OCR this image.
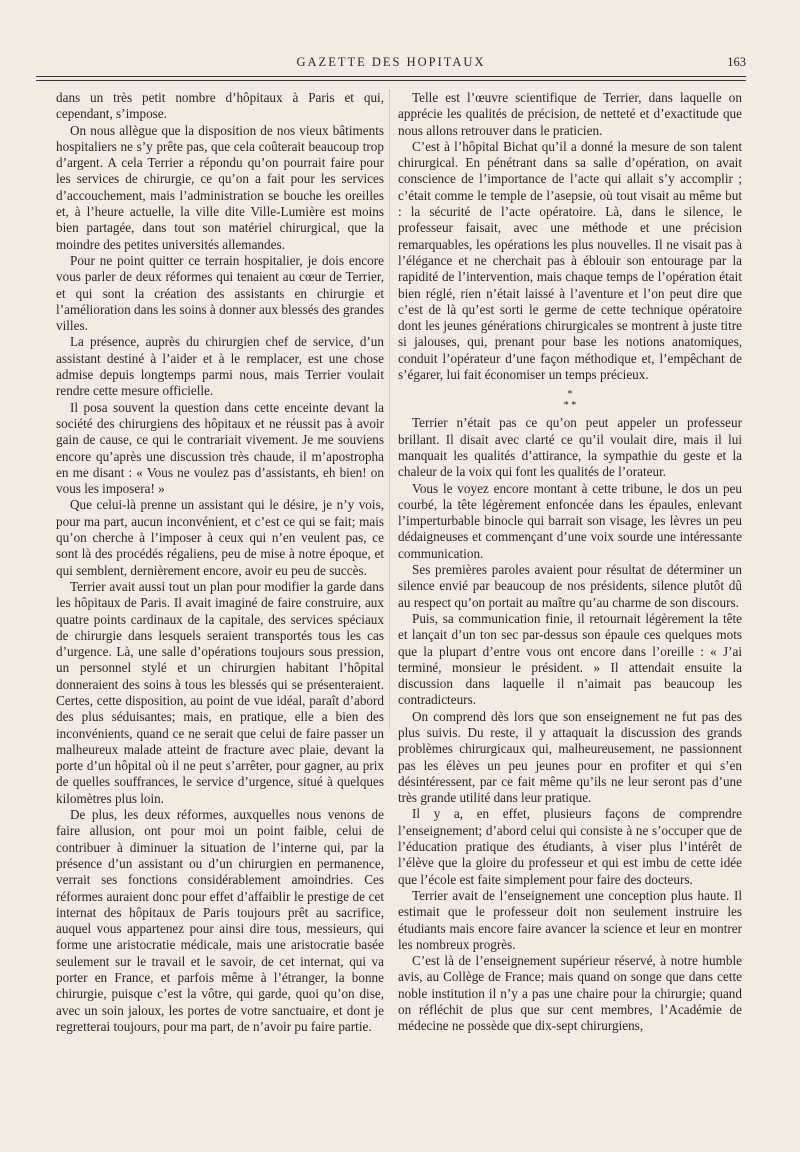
GAZETTE DES HOPITAUX	163

dans un très petit nombre d’hôpitaux à Paris et qui, cependant, s’impose.

On nous allègue que la disposition de nos vieux bâtiments hospitaliers ne s’y prête pas, que cela coûterait beaucoup trop d’argent. A cela Terrier a répondu qu’on pourrait faire pour les services de chirurgie, ce qu’on a fait pour les services d’accouchement, mais l’administration se bouche les oreilles et, à l’heure actuelle, la ville dite Ville-Lumière est moins bien partagée, dans tout son matériel chirurgical, que la moindre des petites universités allemandes.

Pour ne point quitter ce terrain hospitalier, je dois encore vous parler de deux réformes qui tenaient au cœur de Terrier, et qui sont la création des assistants en chirurgie et l’amélioration dans les soins à donner aux blessés des grandes villes.

La présence, auprès du chirurgien chef de service, d’un assistant destiné à l’aider et à le remplacer, est une chose admise depuis longtemps parmi nous, mais Terrier voulait rendre cette mesure officielle.

Il posa souvent la question dans cette enceinte devant la société des chirurgiens des hôpitaux et ne réussit pas à avoir gain de cause, ce qui le contrariait vivement. Je me souviens encore qu’après une discussion très chaude, il m’apostropha en me disant : « Vous ne voulez pas d’assistants, eh bien! on vous les imposera! »

Que celui-là prenne un assistant qui le désire, je n’y vois, pour ma part, aucun inconvénient, et c’est ce qui se fait; mais qu’on cherche à l’imposer à ceux qui n’en veulent pas, ce sont là des procédés régaliens, peu de mise à notre époque, et qui semblent, dernièrement encore, avoir eu peu de succès.

Terrier avait aussi tout un plan pour modifier la garde dans les hôpitaux de Paris. Il avait imaginé de faire construire, aux quatre points cardinaux de la capitale, des services spéciaux de chirurgie dans lesquels seraient transportés tous les cas d’urgence. Là, une salle d’opérations toujours sous pression, un personnel stylé et un chirurgien habitant l’hôpital donneraient des soins à tous les blessés qui se présenteraient. Certes, cette disposition, au point de vue idéal, paraît d’abord des plus séduisantes; mais, en pratique, elle a bien des inconvénients, quand ce ne serait que celui de faire passer un malheureux malade atteint de fracture avec plaie, devant la porte d’un hôpital où il ne peut s’arrêter, pour gagner, au prix de quelles souffrances, le service d’urgence, situé à quelques kilomètres plus loin.

De plus, les deux réformes, auxquelles nous venons de faire allusion, ont pour moi un point faible, celui de contribuer à diminuer la situation de l’interne qui, par la présence d’un assistant ou d’un chirurgien en permanence, verrait ses fonctions considérablement amoindries. Ces réformes auraient donc pour effet d’affaiblir le prestige de cet internat des hôpitaux de Paris toujours prêt au sacrifice, auquel vous appartenez pour ainsi dire tous, messieurs, qui forme une aristocratie médicale, mais une aristocratie basée seulement sur le travail et le savoir, de cet internat, qui va porter en France, et parfois même à l’étranger, la bonne chirurgie, puisque c’est la vôtre, qui garde, quoi qu’on dise, avec un soin jaloux, les portes de votre sanctuaire, et dont je regretterai toujours, pour ma part, de n’avoir pu faire partie.

Telle est l’œuvre scientifique de Terrier, dans laquelle on apprécie les qualités de précision, de netteté et d’exactitude que nous allons retrouver dans le praticien.

C’est à l’hôpital Bichat qu’il a donné la mesure de son talent chirurgical. En pénétrant dans sa salle d’opération, on avait conscience de l’importance de l’acte qui allait s’y accomplir ; c’était comme le temple de l’asepsie, où tout visait au même but : la sécurité de l’acte opératoire. Là, dans le silence, le professeur faisait, avec une méthode et une précision remarquables, les opérations les plus nouvelles. Il ne visait pas à l’élégance et ne cherchait pas à éblouir son entourage par la rapidité de l’intervention, mais chaque temps de l’opération était bien réglé, rien n’était laissé à l’aventure et l’on peut dire que c’est de là qu’est sorti le germe de cette technique opératoire dont les jeunes générations chirurgicales se montrent à juste titre si jalouses, qui, prenant pour base les notions anatomiques, conduit l’opérateur d’une façon méthodique et, l’empêchant de s’égarer, lui fait économiser un temps précieux.

*
* *

Terrier n’était pas ce qu’on peut appeler un professeur brillant. Il disait avec clarté ce qu’il voulait dire, mais il lui manquait les qualités d’attirance, la sympathie du geste et la chaleur de la voix qui font les qualités de l’orateur.

Vous le voyez encore montant à cette tribune, le dos un peu courbé, la tête légèrement enfoncée dans les épaules, enlevant l’imperturbable binocle qui barrait son visage, les lèvres un peu dédaigneuses et commençant d’une voix sourde une intéressante communication.

Ses premières paroles avaient pour résultat de déterminer un silence envié par beaucoup de nos présidents, silence plutôt dû au respect qu’on portait au maître qu’au charme de son discours.

Puis, sa communication finie, il retournait légèrement la tête et lançait d’un ton sec par-dessus son épaule ces quelques mots que la plupart d’entre vous ont encore dans l’oreille : « J’ai terminé, monsieur le président. » Il attendait ensuite la discussion dans laquelle il n’aimait pas beaucoup les contradicteurs.

On comprend dès lors que son enseignement ne fut pas des plus suivis. Du reste, il y attaquait la discussion des grands problèmes chirurgicaux qui, malheureusement, ne passionnent pas les élèves un peu jeunes pour en profiter et qui s’en désintéressent, par ce fait même qu’ils ne leur seront pas d’une très grande utilité dans leur pratique.

Il y a, en effet, plusieurs façons de comprendre l’enseignement; d’abord celui qui consiste à ne s’occuper que de l’éducation pratique des étudiants, à viser plus l’intérêt de l’élève que la gloire du professeur et qui est imbu de cette idée que l’école est faite simplement pour faire des docteurs.

Terrier avait de l’enseignement une conception plus haute. Il estimait que le professeur doit non seulement instruire les étudiants mais encore faire avancer la science et leur en montrer les nombreux progrès.

C’est là de l’enseignement supérieur réservé, à notre humble avis, au Collège de France; mais quand on songe que dans cette noble institution il n’y a pas une chaire pour la chirurgie; quand on réfléchit de plus que sur cent membres, l’Académie de médecine ne possède que dix-sept chirurgiens,
